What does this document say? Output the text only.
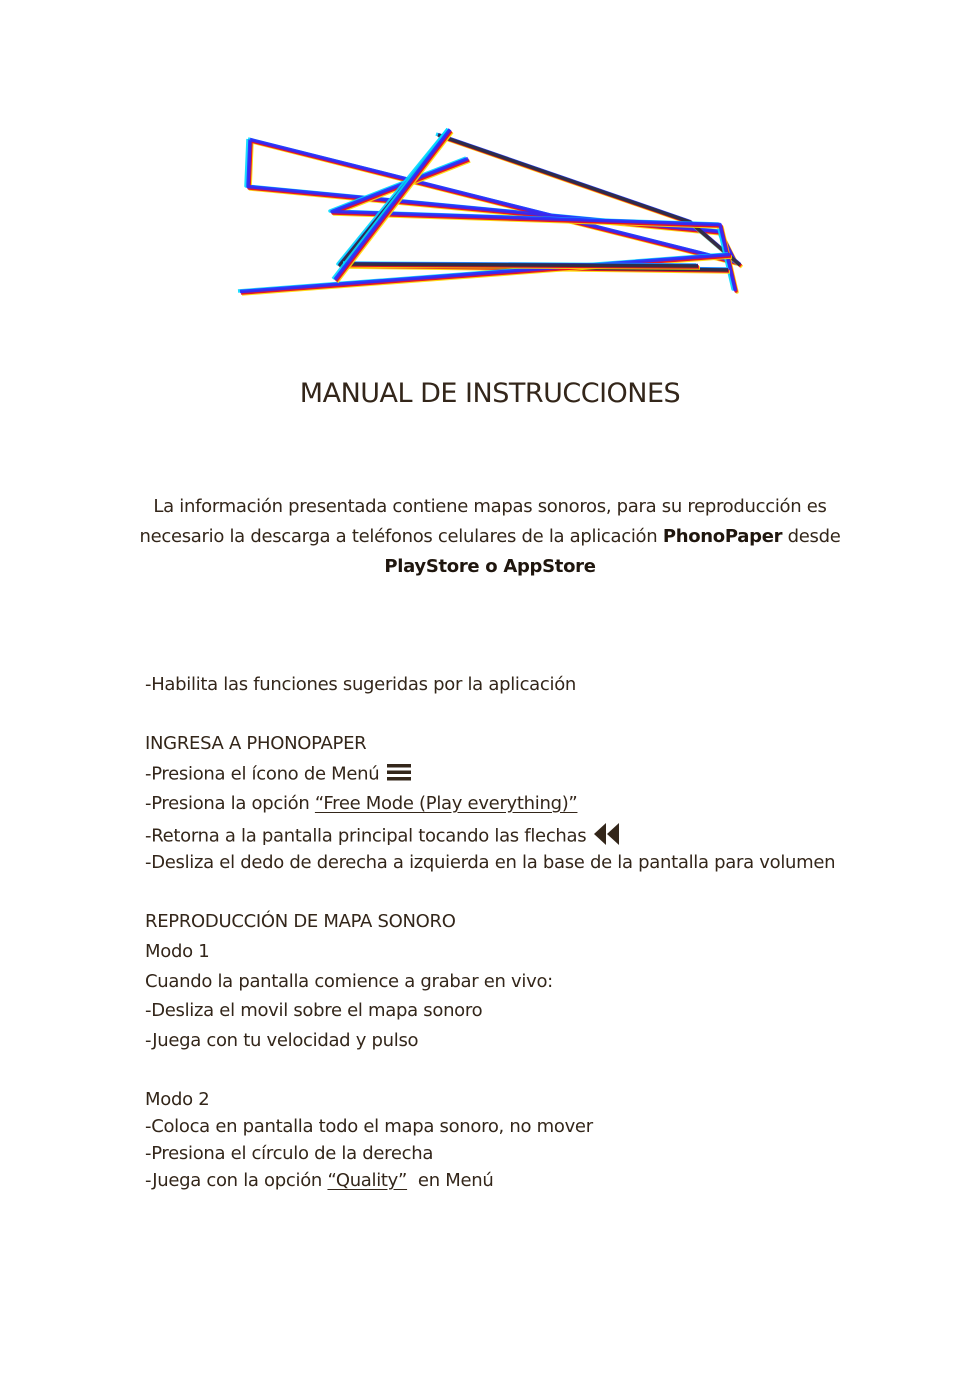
MANUAL DE INSTRUCCIONES
La información presentada contiene mapas sonoros, para su reproducción es
necesario la descarga a teléfonos celulares de la aplicación PhonoPaper desde
PlayStore o AppStore
-Habilita las funciones sugeridas por la aplicación
INGRESA A PHONOPAPER
-Presiona el ícono de Menú
-Presiona la opción “Free Mode (Play everything)”
-Retorna a la pantalla principal tocando las flechas
-Desliza el dedo de derecha a izquierda en la base de la pantalla para volumen
REPRODUCCIÓN DE MAPA SONORO
Modo 1
Cuando la pantalla comience a grabar en vivo:
-Desliza el movil sobre el mapa sonoro
-Juega con tu velocidad y pulso
Modo 2
-Coloca en pantalla todo el mapa sonoro, no mover
-Presiona el círculo de la derecha
-Juega con la opción “Quality”  en Menú
